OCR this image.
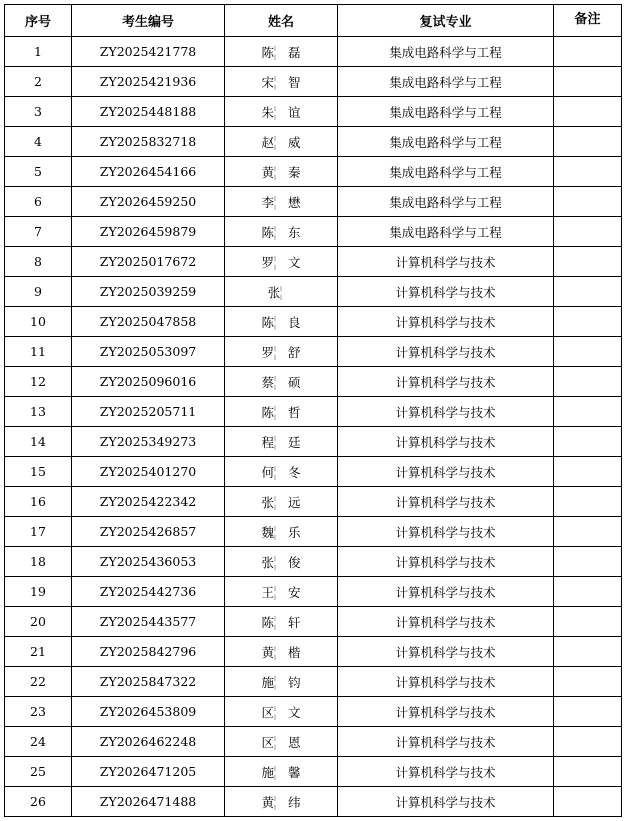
序号	考生编号	姓名	复试专业	备注
1	ZY2025421778	陈 磊	集成电路科学与工程	
2	ZY2025421936	宋 智	集成电路科学与工程	
3	ZY2025448188	朱 谊	集成电路科学与工程	
4	ZY2025832718	赵 威	集成电路科学与工程	
5	ZY2026454166	黄 秦	集成电路科学与工程	
6	ZY2026459250	李 懋	集成电路科学与工程	
7	ZY2026459879	陈 东	集成电路科学与工程	
8	ZY2025017672	罗 文	计算机科学与技术	
9	ZY2025039259	张	计算机科学与技术	
10	ZY2025047858	陈 良	计算机科学与技术	
11	ZY2025053097	罗 舒	计算机科学与技术	
12	ZY2025096016	蔡 硕	计算机科学与技术	
13	ZY2025205711	陈 哲	计算机科学与技术	
14	ZY2025349273	程 廷	计算机科学与技术	
15	ZY2025401270	何 冬	计算机科学与技术	
16	ZY2025422342	张 远	计算机科学与技术	
17	ZY2025426857	魏 乐	计算机科学与技术	
18	ZY2025436053	张 俊	计算机科学与技术	
19	ZY2025442736	王 安	计算机科学与技术	
20	ZY2025443577	陈 轩	计算机科学与技术	
21	ZY2025842796	黄 楷	计算机科学与技术	
22	ZY2025847322	施 钧	计算机科学与技术	
23	ZY2026453809	区 文	计算机科学与技术	
24	ZY2026462248	区 恩	计算机科学与技术	
25	ZY2026471205	施 馨	计算机科学与技术	
26	ZY2026471488	黄 纬	计算机科学与技术	
